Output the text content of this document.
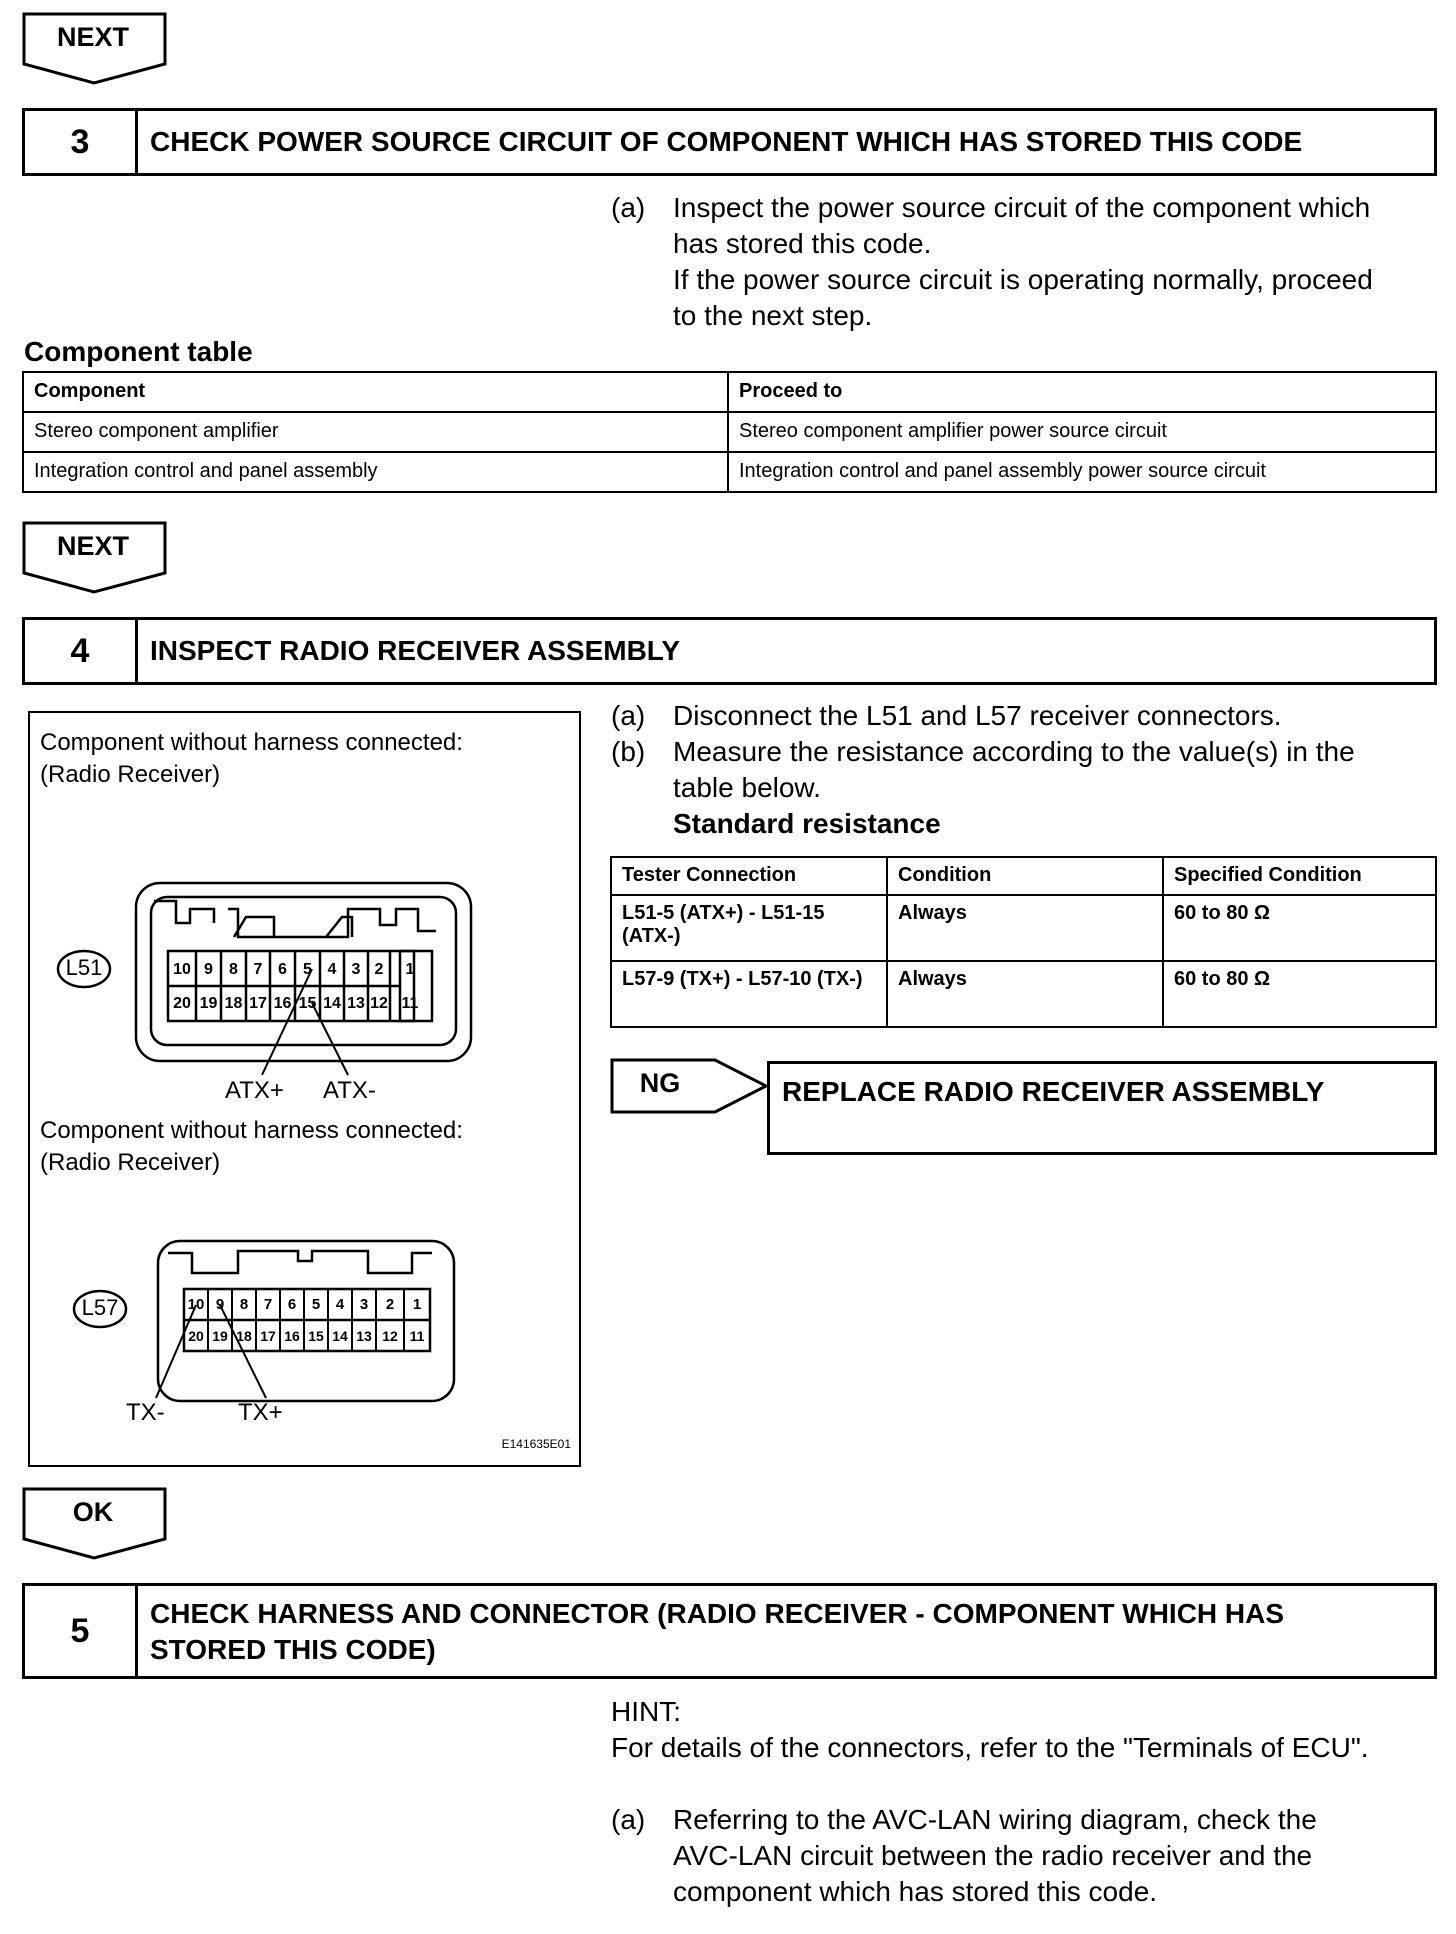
NEXT
3	CHECK POWER SOURCE CIRCUIT OF COMPONENT WHICH HAS STORED THIS CODE
(a) Inspect the power source circuit of the component which
has stored this code.
If the power source circuit is operating normally, proceed
to the next step.
Component table
Component	Proceed to
Stereo component amplifier	Stereo component amplifier power source circuit
Integration control and panel assembly	Integration control and panel assembly power source circuit
NEXT
4	INSPECT RADIO RECEIVER ASSEMBLY
Component without harness connected:
(Radio Receiver)
L51	10 9	8 7 6	5 4 3 2	1
20 19 18 17 16 15 14 13 12 11
ATX+ ATX-
Component without harness connected:
(Radio Receiver)
L57	10 9	8	7	6	5	4	3	2	1
20 19 18 17 16 15 14 13 12 11
TX-	TX+
E141635E01
(a) Disconnect the L51 and L57 receiver connectors.
(b) Measure the resistance according to the value(s) in the
table below.
Standard resistance
Tester Connection	Condition	Specified Condition
L51-5 (ATX+) - L51-15 (ATX-)	Always	60 to 80 Ω
L57-9 (TX+) - L57-10 (TX-)	Always	60 to 80 Ω
NG	REPLACE RADIO RECEIVER ASSEMBLY
OK
5	CHECK HARNESS AND CONNECTOR (RADIO RECEIVER - COMPONENT WHICH HAS
STORED THIS CODE)
HINT:
For details of the connectors, refer to the "Terminals of ECU".
(a) Referring to the AVC-LAN wiring diagram, check the
AVC-LAN circuit between the radio receiver and the
component which has stored this code.
